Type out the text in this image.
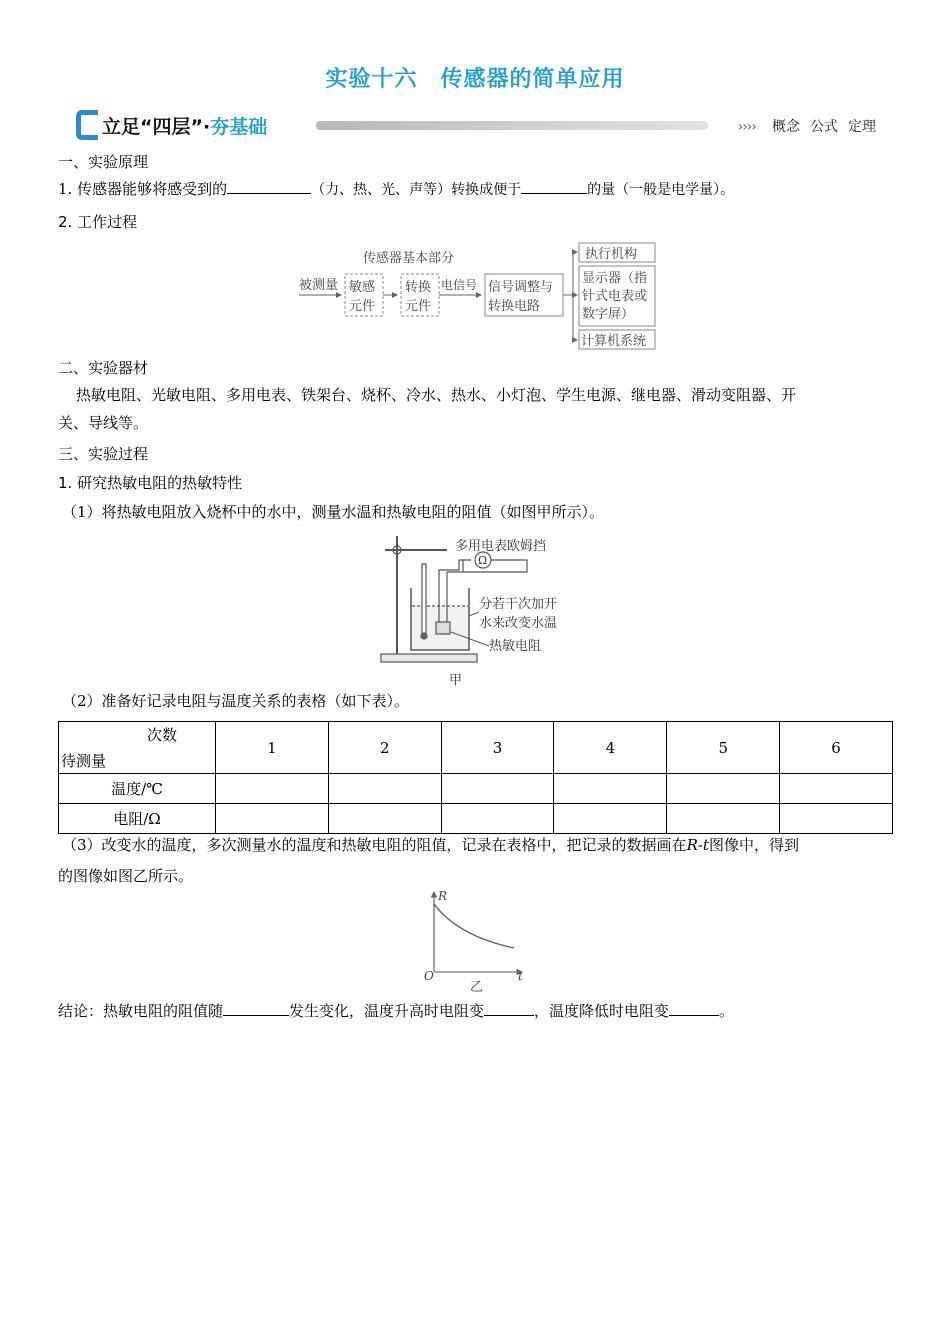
实验十六　传感器的简单应用
立足“四层”·夯基础	›››› 概念 公式 定理
一、实验原理
1. 传感器能够将感受到的	（力、热、光、声等）转换成便于	的量（一般是电学量）。
2. 工作过程
传感器基本部分
被测量 敏感
元件
转换
元件
电信号 信号调整与
转换电路
执行机构
显示器（指
针式电表或
数字屏）
计算机系统
二、实验器材
热敏电阻、光敏电阻、多用电表、铁架台、烧杯、冷水、热水、小灯泡、学生电源、继电器、滑动变阻器、开
关、导线等。
三、实验过程
1. 研究热敏电阻的热敏特性
（1）将热敏电阻放入烧杯中的水中，测量水温和热敏电阻的阻值（如图甲所示）。
Ω
多用电表欧姆挡
分若干次加开
水来改变水温
热敏电阻
甲
（2）准备好记录电阻与温度关系的表格（如下表）。
次数
待测量	1	2	3	4	5	6
温度/℃						
电阻/Ω						
（3）改变水的温度，多次测量水的温度和热敏电阻的阻值，记录在表格中，把记录的数据画在R-t图像中，得到
的图像如图乙所示。
R
t
O
乙
结论：热敏电阻的阻值随	发生变化，温度升高时电阻变	，温度降低时电阻变	。
